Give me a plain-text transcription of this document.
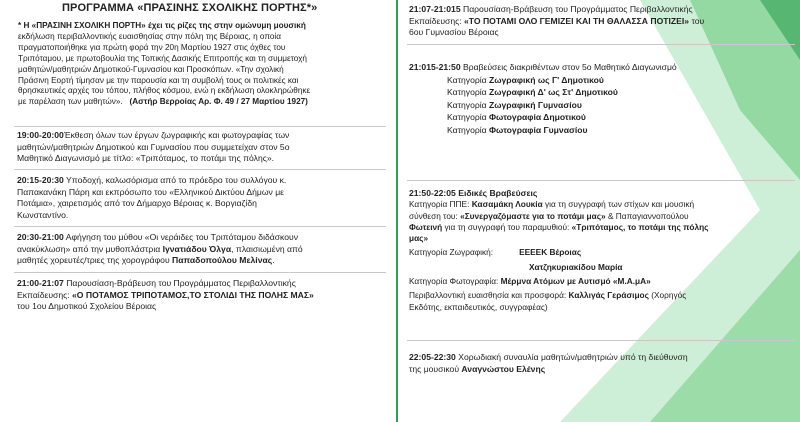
ΠΡΟΓΡΑΜΜΑ «ΠΡΑΣΙΝΗΣ ΣΧΟΛΙΚΗΣ ΠΟΡΤΗΣ*»
* Η «ΠΡΑΣΙΝΗ ΣΧΟΛΙΚΗ ΠΟΡΤΗ» έχει τις ρίζες της στην ομώνυμη μουσική
εκδήλωση περιβαλλοντικής ευαισθησίας στην πόλη της Βέροιας, η οποία
πραγματοποιήθηκε για πρώτη φορά την 20η Μαρτίου 1927 στις όχθες του
Τριπόταμου, με πρωτοβουλία της Τοπικής Δασικής Επιτροπής και τη συμμετοχή
μαθητών/μαθητριών Δημοτικού-Γυμνασίου και Προσκόπων. «Την σχολική
Πράσινη Εορτή τίμησαν με την παρουσία και τη συμβολή τους οι πολιτικές και
θρησκευτικές αρχές του τόπου, πλήθος κόσμου, ενώ η εκδήλωση ολοκληρώθηκε
με παρέλαση των μαθητών». (Αστήρ Βερροίας Αρ. Φ. 49 / 27 Μαρτίου 1927)
19:00-20:00Έκθεση όλων των έργων ζωγραφικής και φωτογραφίας των
μαθητών/μαθητριών Δημοτικού και Γυμνασίου που συμμετείχαν στον 5ο
Μαθητικό Διαγωνισμό με τίτλο: «Τριπόταμος, το ποτάμι της πόλης».
20:15-20:30 Υποδοχή, καλωσόρισμα από το πρόεδρο του συλλόγου κ.
Παπακανάκη Πάρη και εκπρόσωπο του «Ελληνικού Δικτύου Δήμων με
Ποτάμια», χαιρετισμός από τον Δήμαρχο Βέροιας κ. Βοργιαζίδη
Κωνσταντίνο.
20:30-21:00 Αφήγηση του μύθου «Οι νεράιδες του Τριπόταμου διδάσκουν
ανακύκλωση» από την μυθοπλάστρια Ιγνατιάδου Όλγα, πλαισιωμένη από
μαθητές χορευτές/τριες της χορογράφου Παπαδοπούλου Μελίνας.
21:00-21:07 Παρουσίαση-Βράβευση του Προγράμματος Περιβαλλοντικής
Εκπαίδευσης: «Ο ΠΟΤΑΜΟΣ ΤΡΙΠΟΤΑΜΟΣ,ΤΟ ΣΤΟΛΙΔΙ ΤΗΣ ΠΟΛΗΣ ΜΑΣ»
του 1ου Δημοτικού Σχολείου Βέροιας
21:07-21:015 Παρουσίαση-Βράβευση του Προγράμματος Περιβαλλοντικής
Εκπαίδευσης: «ΤΟ ΠΟΤΑΜΙ ΟΛΟ ΓΕΜΙΖΕΙ ΚΑΙ ΤΗ ΘΑΛΑΣΣΑ ΠΟΤΙΖΕΙ» του
6ου Γυμνασίου Βέροιας
21:015-21:50 Βραβεύσεις διακριθέντων στον 5ο Μαθητικό Διαγωνισμό
Κατηγορία Ζωγραφική ως Γ' Δημοτικού
Κατηγορία Ζωγραφική Δ' ως Στ' Δημοτικού
Κατηγορία Ζωγραφική Γυμνασίου
Κατηγορία Φωτογραφία Δημοτικού
Κατηγορία Φωτογραφία Γυμνασίου
21:50-22:05 Ειδικές Βραβεύσεις
Κατηγορία ΠΠΕ: Κασαμάκη Λουκία για τη συγγραφή των στίχων και μουσική
σύνθεση του: «Συνεργαζόμαστε για το ποτάμι μας» & Παπαγιαννοπούλου
Φωτεινή για τη συγγραφή του παραμυθιού: «Τριπόταμος, το ποτάμι της πόλης
μας»
Κατηγορία Ζωγραφική:	ΕΕΕΕΚ Βέροιας
Χατζηκυριακίδου Μαρία
Κατηγορία Φωτογραφία: Μέρμνα Ατόμων με Αυτισμό «Μ.Α.μΑ»
Περιβαλλοντική ευαισθησία και προσφορά: Καλλιγάς Γεράσιμος (Χορηγός
Εκδότης, εκπαιδευτικός, συγγραφέας)
22:05-22:30 Χορωδιακή συναυλία μαθητών/μαθητριών υπό τη διεύθυνση
της μουσικού Αναγνώστου Ελένης
